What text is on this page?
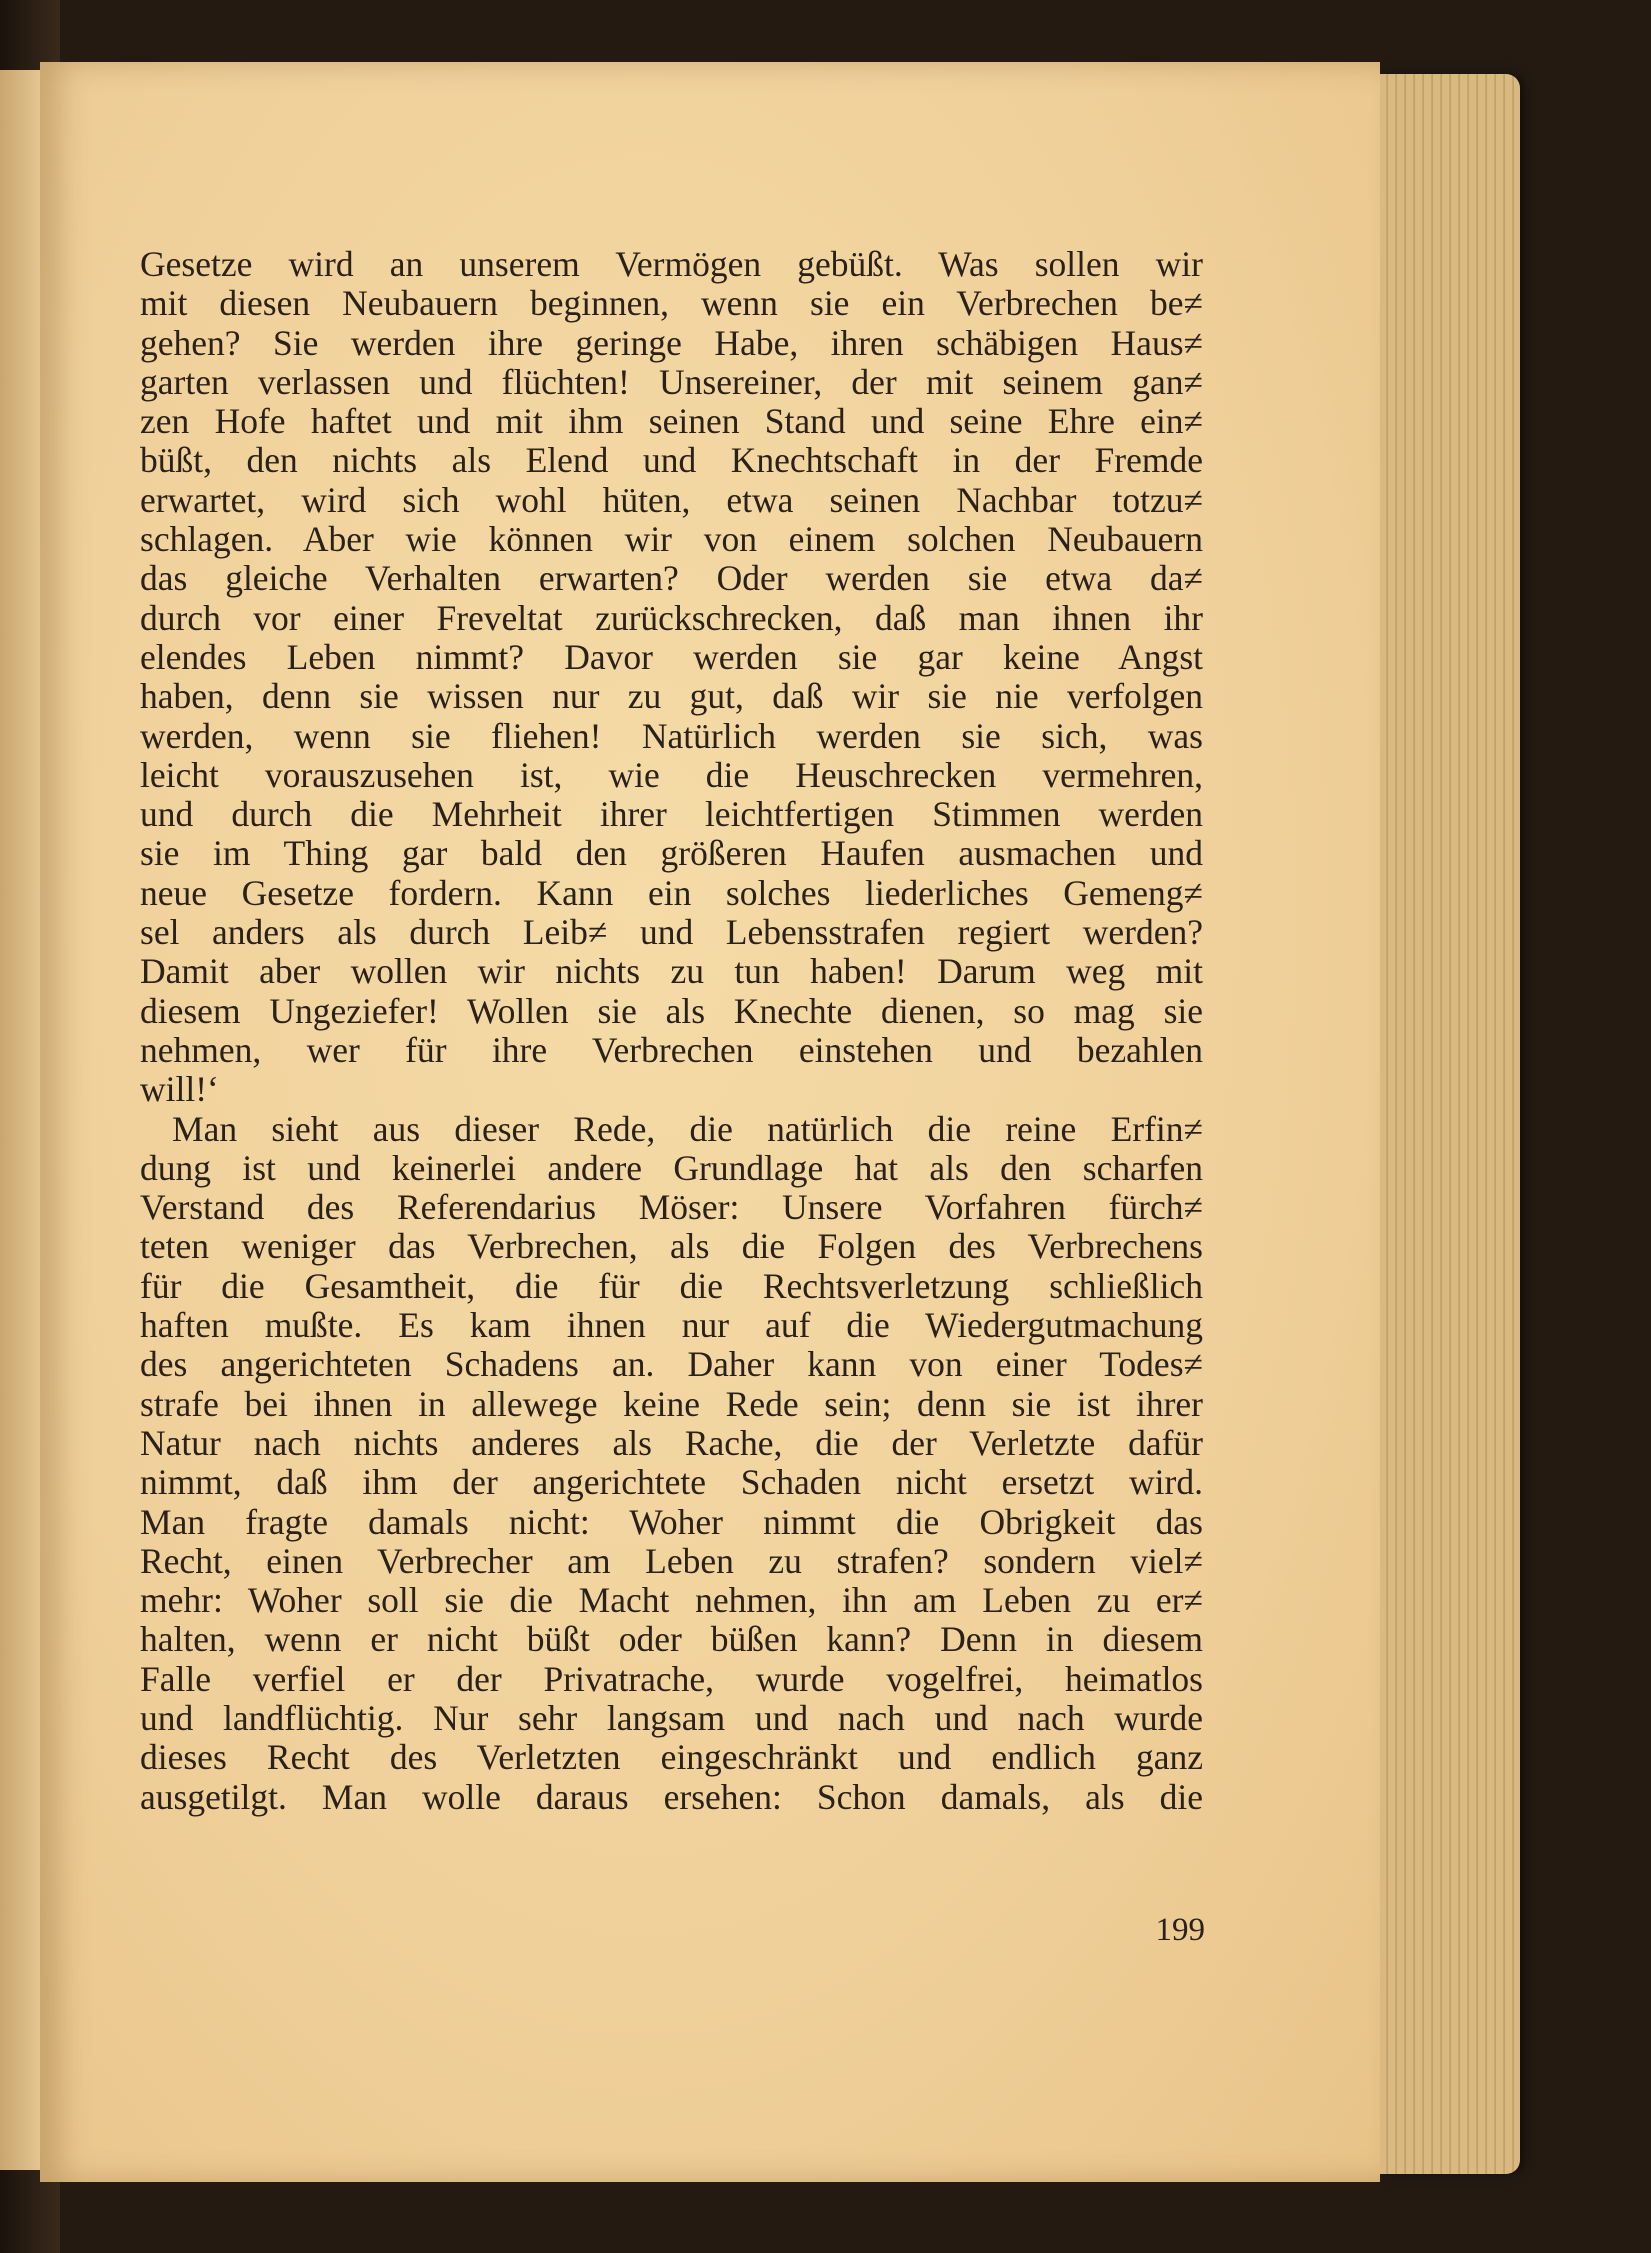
Gesetze wird an unserem Vermögen gebüßt. Was sollen wir
mit diesen Neubauern beginnen, wenn sie ein Verbrechen be≠
gehen? Sie werden ihre geringe Habe, ihren schäbigen Haus≠
garten verlassen und flüchten! Unsereiner, der mit seinem gan≠
zen Hofe haftet und mit ihm seinen Stand und seine Ehre ein≠
büßt, den nichts als Elend und Knechtschaft in der Fremde
erwartet, wird sich wohl hüten, etwa seinen Nachbar totzu≠
schlagen. Aber wie können wir von einem solchen Neubauern
das gleiche Verhalten erwarten? Oder werden sie etwa da≠
durch vor einer Freveltat zurückschrecken, daß man ihnen ihr
elendes Leben nimmt? Davor werden sie gar keine Angst
haben, denn sie wissen nur zu gut, daß wir sie nie verfolgen
werden, wenn sie fliehen! Natürlich werden sie sich, was
leicht vorauszusehen ist, wie die Heuschrecken vermehren,
und durch die Mehrheit ihrer leichtfertigen Stimmen werden
sie im Thing gar bald den größeren Haufen ausmachen und
neue Gesetze fordern. Kann ein solches liederliches Gemeng≠
sel anders als durch Leib≠ und Lebensstrafen regiert werden?
Damit aber wollen wir nichts zu tun haben! Darum weg mit
diesem Ungeziefer! Wollen sie als Knechte dienen, so mag sie
nehmen, wer für ihre Verbrechen einstehen und bezahlen
will!‘
Man sieht aus dieser Rede, die natürlich die reine Erfin≠
dung ist und keinerlei andere Grundlage hat als den scharfen
Verstand des Referendarius Möser: Unsere Vorfahren fürch≠
teten weniger das Verbrechen, als die Folgen des Verbrechens
für die Gesamtheit, die für die Rechtsverletzung schließlich
haften mußte. Es kam ihnen nur auf die Wiedergutmachung
des angerichteten Schadens an. Daher kann von einer Todes≠
strafe bei ihnen in allewege keine Rede sein; denn sie ist ihrer
Natur nach nichts anderes als Rache, die der Verletzte dafür
nimmt, daß ihm der angerichtete Schaden nicht ersetzt wird.
Man fragte damals nicht: Woher nimmt die Obrigkeit das
Recht, einen Verbrecher am Leben zu strafen? sondern viel≠
mehr: Woher soll sie die Macht nehmen, ihn am Leben zu er≠
halten, wenn er nicht büßt oder büßen kann? Denn in diesem
Falle verfiel er der Privatrache, wurde vogelfrei, heimatlos
und landflüchtig. Nur sehr langsam und nach und nach wurde
dieses Recht des Verletzten eingeschränkt und endlich ganz
ausgetilgt. Man wolle daraus ersehen: Schon damals, als die
199
